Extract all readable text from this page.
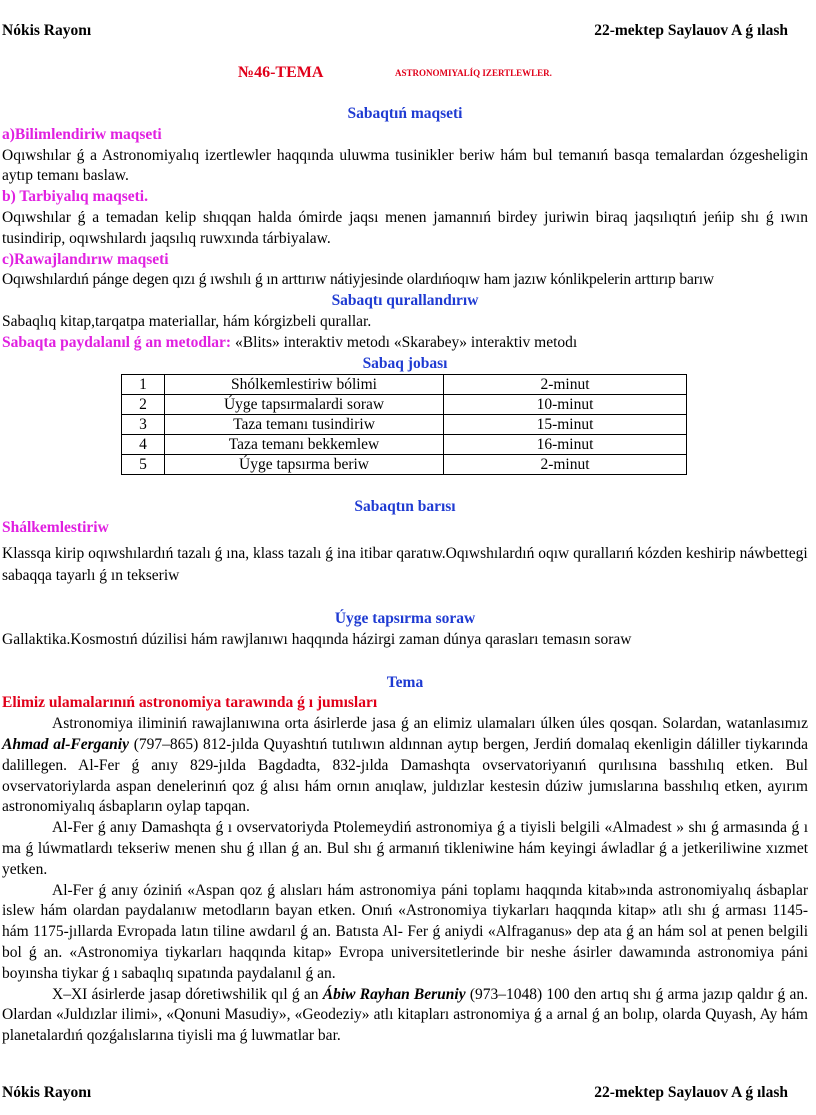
Nókis Rayonı	22-mektep Saylauov A ǵ ılash
№46-TEMA	ASTRONOMIYALÍQ IZERTLEWLER.

Sabaqtıń maqseti

a)Bilimlendiriw maqseti

Oqıwshılar ǵ a Astronomiyalıq izertlewler haqqında uluwma tusinikler beriw hám bul temanıń basqa temalardan ózgesheligin aytıp temanı baslaw.

b) Tarbiyalıq maqseti.

Oqıwshılar ǵ a temadan kelip shıqqan halda ómirde jaqsı menen jamannıń birdey juriwin biraq jaqsılıqtıń jeńip shı ǵ ıwın tusindirip, oqıwshılardı jaqsılıq ruwxında tárbiyalaw.

c)Rawajlandırıw maqseti

Oqıwshılardıń pánge degen qızı ǵ ıwshılı ǵ ın arttırıw nátiyjesinde olardıńoqıw ham jazıw kónlikpelerin arttırıp barıw

Sabaqtı qurallandırıw

Sabaqlıq kitap,tarqatpa materiallar, hám kórgizbeli qurallar.

Sabaqta paydalanıl ǵ an metodlar: «Blits» interaktiv metodı «Skarabey» interaktiv metodı

Sabaq jobası

1	Shólkemlestiriw bólimi	2-minut
2	Úyge tapsırmalardi soraw	10-minut
3	Taza temanı tusindiriw	15-minut
4	Taza temanı bekkemlew	16-minut
5	Úyge tapsırma beriw	2-minut

Sabaqtın barısı

Shálkemlestiriw

Klassqa kirip oqıwshılardıń tazalı ǵ ına, klass tazalı ǵ ina itibar qaratıw.Oqıwshılardıń oqıw qurallarıń kózden keshirip náwbettegi sabaqqa tayarlı ǵ ın tekseriw

Úyge tapsırma soraw

Gallaktika.Kosmostıń dúzilisi hám rawjlanıwı haqqında házirgi zaman dúnya qarasları temasın soraw

Tema

Elimiz ulamalarınıń astronomiya tarawında ǵ ı jumısları

Astronomiya iliminiń rawajlanıwına orta ásirlerde jasa ǵ an elimiz ulamaları úlken úles qosqan. Solardan, watanlasımız Ahmad al-Ferganiy (797–865) 812-jılda Quyashtıń tutılıwın aldınnan aytıp bergen, Jerdiń domalaq ekenligin dáliller tiykarında dalillegen. Al-Fer ǵ anıy 829-jılda Bagdadta, 832-jılda Damashqta ovservatoriyanıń qurılısına basshılıq etken. Bul ovservatoriylarda aspan denelerinıń qoz ǵ alısı hám ornın anıqlaw, juldızlar kestesin dúziw jumıslarına basshılıq etken, ayırım astronomiyalıq ásbapların oylap tapqan.

Al-Fer ǵ anıy Damashqta ǵ ı ovservatoriyda Ptolemeydiń astronomiya ǵ a tiyisli belgili «Almadest » shı ǵ armasında ǵ ı ma ǵ lúwmatlardı tekseriw menen shu ǵ ıllan ǵ an. Bul shı ǵ armanıń tikleniwine hám keyingi áwladlar ǵ a jetkeriliwine xızmet yetken.

Al-Fer ǵ anıy óziniń «Aspan qoz ǵ alısları hám astronomiya páni toplamı haqqında kitab»ında astronomiyalıq ásbaplar islew hám olardan paydalanıw metodların bayan etken. Onıń «Astronomiya tiykarları haqqında kitap» atlı shı ǵ arması 1145- hám 1175-jıllarda Evropada latın tiline awdarıl ǵ an. Batısta Al- Fer ǵ aniydi «Alfraganus» dep ata ǵ an hám sol at penen belgili bol ǵ an. «Astronomiya tiykarları haqqında kitap» Evropa universitetlerinde bir neshe ásirler dawamında astronomiya páni boyınsha tiykar ǵ ı sabaqlıq sıpatında paydalanıl ǵ an.

X–XI ásirlerde jasap dóretiwshilik qıl ǵ an Ábiw Rayhan Beruniy (973–1048) 100 den artıq shı ǵ arma jazıp qaldır ǵ an. Olardan «Juldızlar ilimi», «Qonuni Masudiy», «Geodeziy» atlı kitapları astronomiya ǵ a arnal ǵ an bolıp, olarda Quyash, Ay hám planetalardıń qozǵalıslarına tiyisli ma ǵ luwmatlar bar.

Nókis Rayonı	22-mektep Saylauov A ǵ ılash
